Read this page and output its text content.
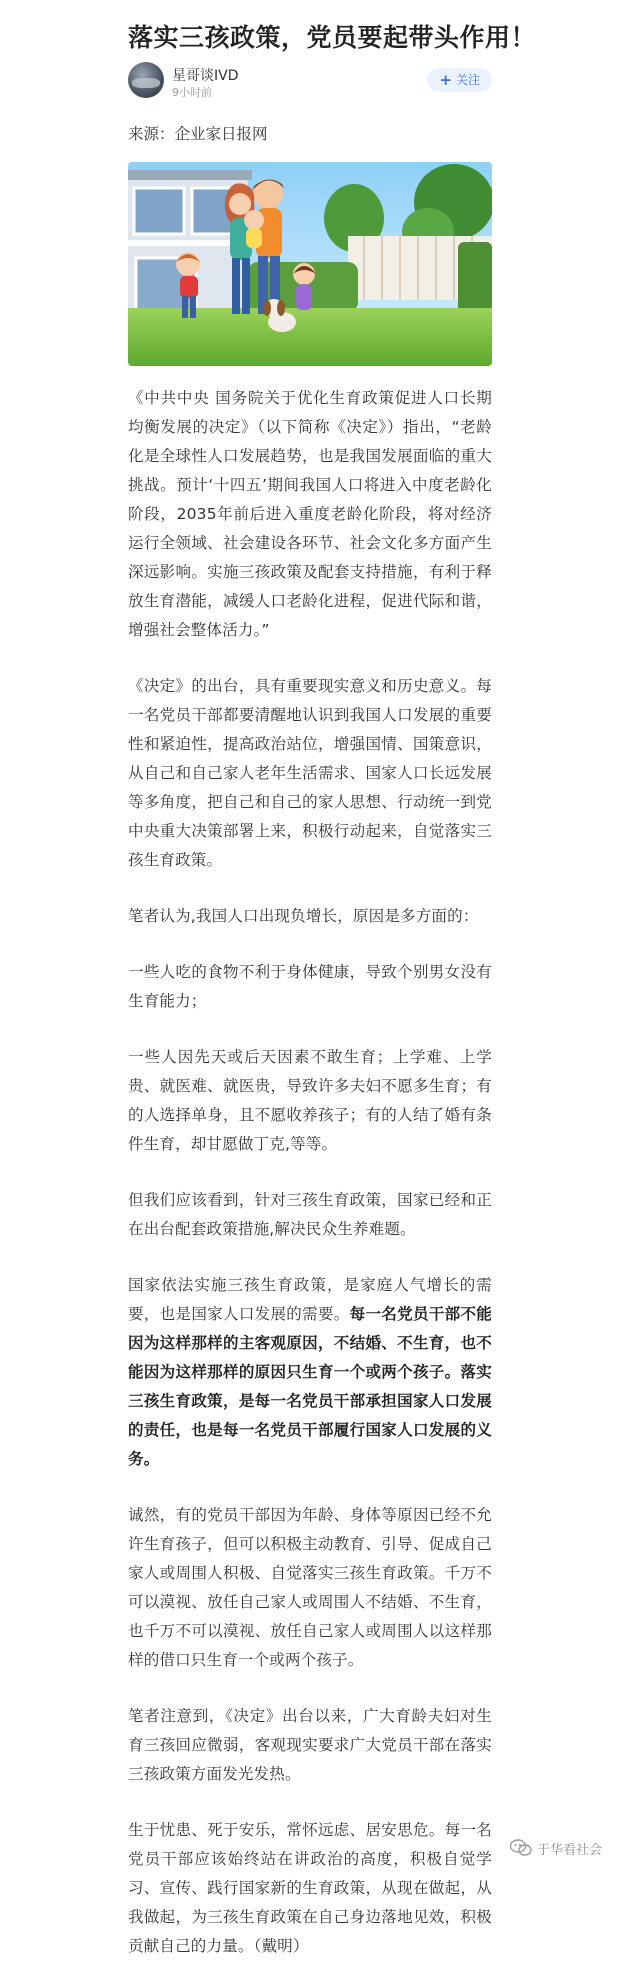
落实三孩政策，党员要起带头作用！
星哥谈IVD
9小时前
+ 关注

来源：企业家日报网

《中共中央 国务院关于优化生育政策促进人口长期均衡发展的决定》（以下简称《决定》）指出，“老龄化是全球性人口发展趋势，也是我国发展面临的重大挑战。预计‘十四五’期间我国人口将进入中度老龄化阶段，2035年前后进入重度老龄化阶段，将对经济运行全领域、社会建设各环节、社会文化多方面产生深远影响。实施三孩政策及配套支持措施，有利于释放生育潜能，减缓人口老龄化进程，促进代际和谐，增强社会整体活力。”

《决定》的出台，具有重要现实意义和历史意义。每一名党员干部都要清醒地认识到我国人口发展的重要性和紧迫性，提高政治站位，增强国情、国策意识，从自己和自己家人老年生活需求、国家人口长远发展等多角度，把自己和自己的家人思想、行动统一到党中央重大决策部署上来，积极行动起来，自觉落实三孩生育政策。

笔者认为,我国人口出现负增长，原因是多方面的：

一些人吃的食物不利于身体健康，导致个别男女没有生育能力；

一些人因先天或后天因素不敢生育；上学难、上学贵、就医难、就医贵，导致许多夫妇不愿多生育；有的人选择单身，且不愿收养孩子；有的人结了婚有条件生育，却甘愿做丁克,等等。

但我们应该看到，针对三孩生育政策，国家已经和正在出台配套政策措施,解决民众生养难题。

国家依法实施三孩生育政策，是家庭人气增长的需要，也是国家人口发展的需要。每一名党员干部不能因为这样那样的主客观原因，不结婚、不生育，也不能因为这样那样的原因只生育一个或两个孩子。落实三孩生育政策，是每一名党员干部承担国家人口发展的责任，也是每一名党员干部履行国家人口发展的义务。

诚然，有的党员干部因为年龄、身体等原因已经不允许生育孩子，但可以积极主动教育、引导、促成自己家人或周围人积极、自觉落实三孩生育政策。千万不可以漠视、放任自己家人或周围人不结婚、不生育，也千万不可以漠视、放任自己家人或周围人以这样那样的借口只生育一个或两个孩子。

笔者注意到，《决定》出台以来，广大育龄夫妇对生育三孩回应微弱，客观现实要求广大党员干部在落实三孩政策方面发光发热。

生于忧患、死于安乐，常怀远虑、居安思危。每一名党员干部应该始终站在讲政治的高度，积极自觉学习、宣传、践行国家新的生育政策，从现在做起，从我做起，为三孩生育政策在自己身边落地见效，积极贡献自己的力量。（戴明）

于华看社会
